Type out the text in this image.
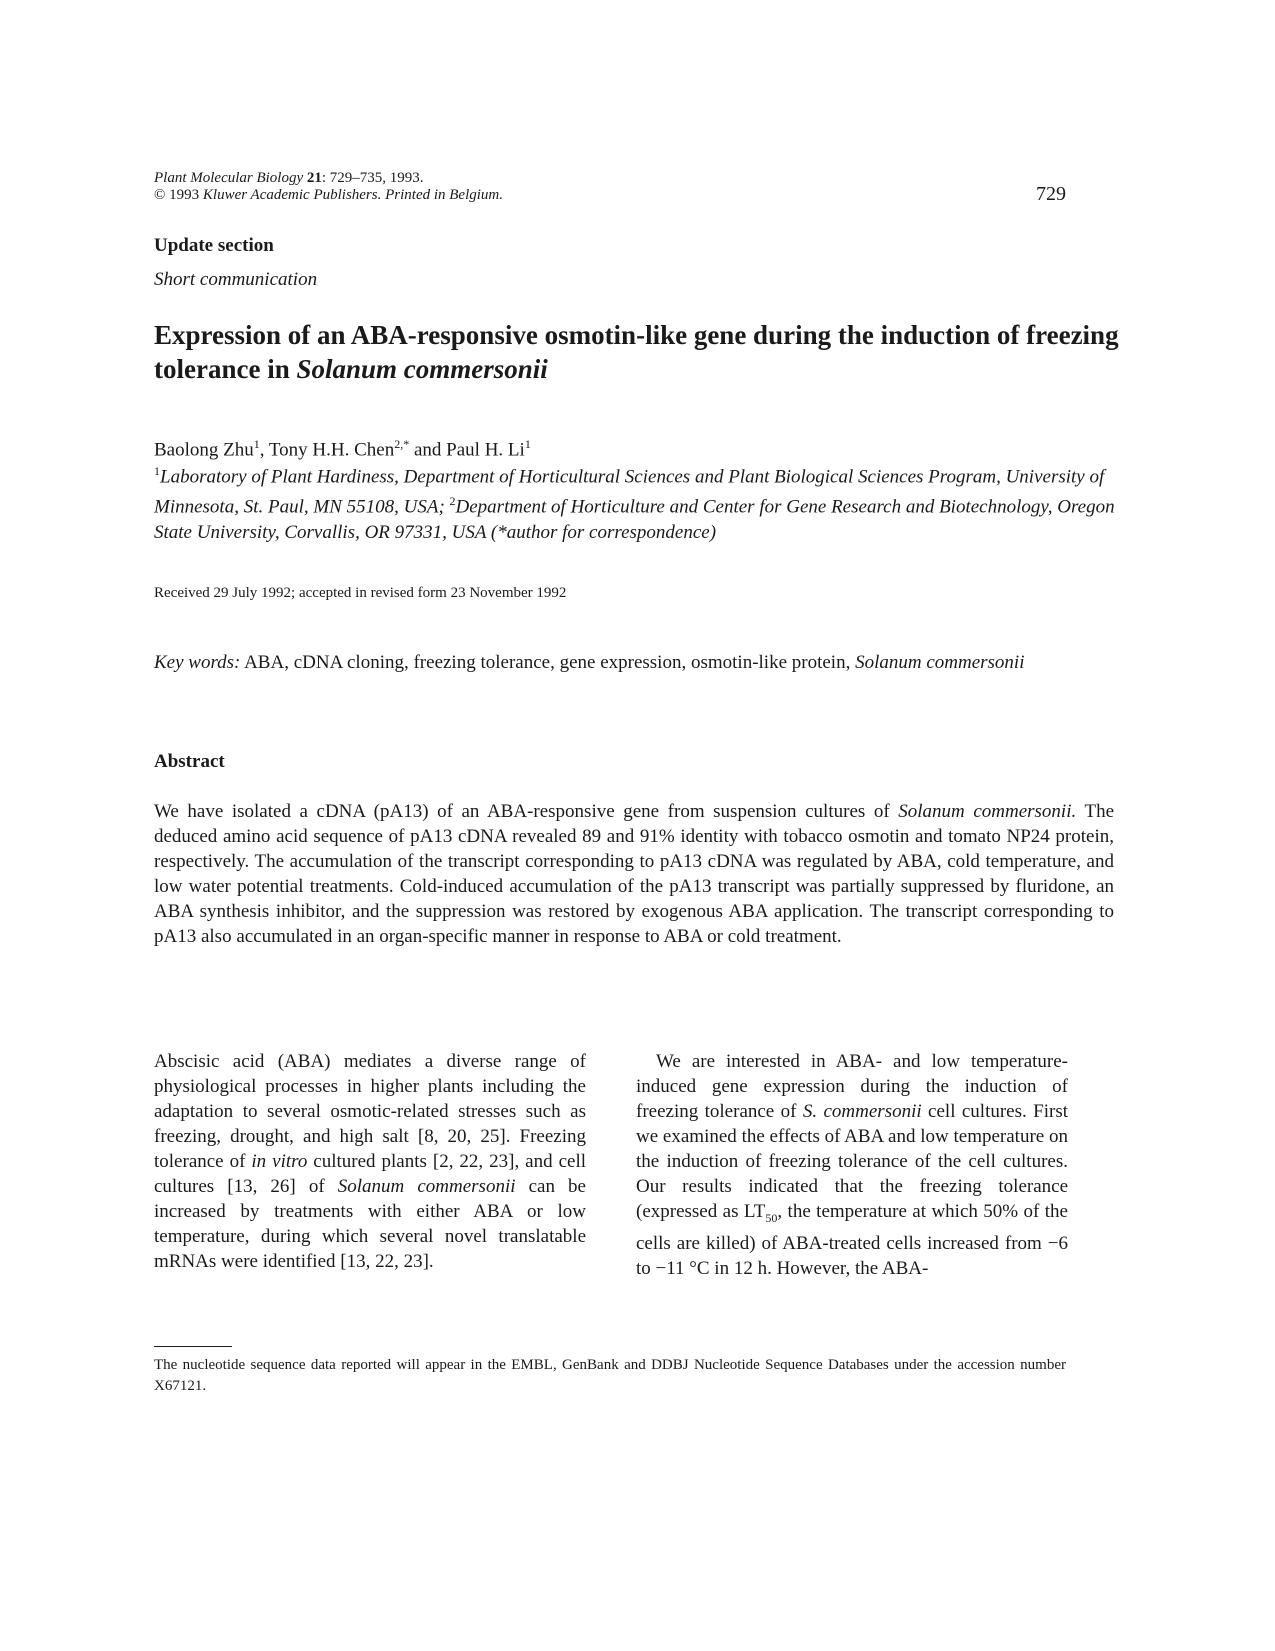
Plant Molecular Biology 21: 729–735, 1993.
© 1993 Kluwer Academic Publishers. Printed in Belgium.	729
Update section
Short communication
Expression of an ABA-responsive osmotin-like gene during the induction of freezing tolerance in Solanum commersonii
Baolong Zhu$^1$, Tony H.H. Chen$^{2,*}$ and Paul H. Li$^1$
$^1$Laboratory of Plant Hardiness, Department of Horticultural Sciences and Plant Biological Sciences Program, University of Minnesota, St. Paul, MN 55108, USA; $^2$Department of Horticulture and Center for Gene Research and Biotechnology, Oregon State University, Corvallis, OR 97331, USA (*author for correspondence)
Received 29 July 1992; accepted in revised form 23 November 1992
Key words: ABA, cDNA cloning, freezing tolerance, gene expression, osmotin-like protein, Solanum commersonii
Abstract
We have isolated a cDNA (pA13) of an ABA-responsive gene from suspension cultures of Solanum commersonii. The deduced amino acid sequence of pA13 cDNA revealed 89 and 91% identity with tobacco osmotin and tomato NP24 protein, respectively. The accumulation of the transcript corresponding to pA13 cDNA was regulated by ABA, cold temperature, and low water potential treatments. Cold-induced accumulation of the pA13 transcript was partially suppressed by fluridone, an ABA synthesis inhibitor, and the suppression was restored by exogenous ABA application. The transcript corresponding to pA13 also accumulated in an organ-specific manner in response to ABA or cold treatment.
Abscisic acid (ABA) mediates a diverse range of physiological processes in higher plants including the adaptation to several osmotic-related stresses such as freezing, drought, and high salt [8, 20, 25]. Freezing tolerance of in vitro cultured plants [2, 22, 23], and cell cultures [13, 26] of Solanum commersonii can be increased by treatments with either ABA or low temperature, during which several novel translatable mRNAs were identified [13, 22, 23].
We are interested in ABA- and low temperature-induced gene expression during the induction of freezing tolerance of S. commersonii cell cultures. First we examined the effects of ABA and low temperature on the induction of freezing tolerance of the cell cultures. Our results indicated that the freezing tolerance (expressed as $LT_{50}$, the temperature at which 50% of the cells are killed) of ABA-treated cells increased from −6 to −11 °C in 12 h. However, the ABA-
The nucleotide sequence data reported will appear in the EMBL, GenBank and DDBJ Nucleotide Sequence Databases under the accession number X67121.
